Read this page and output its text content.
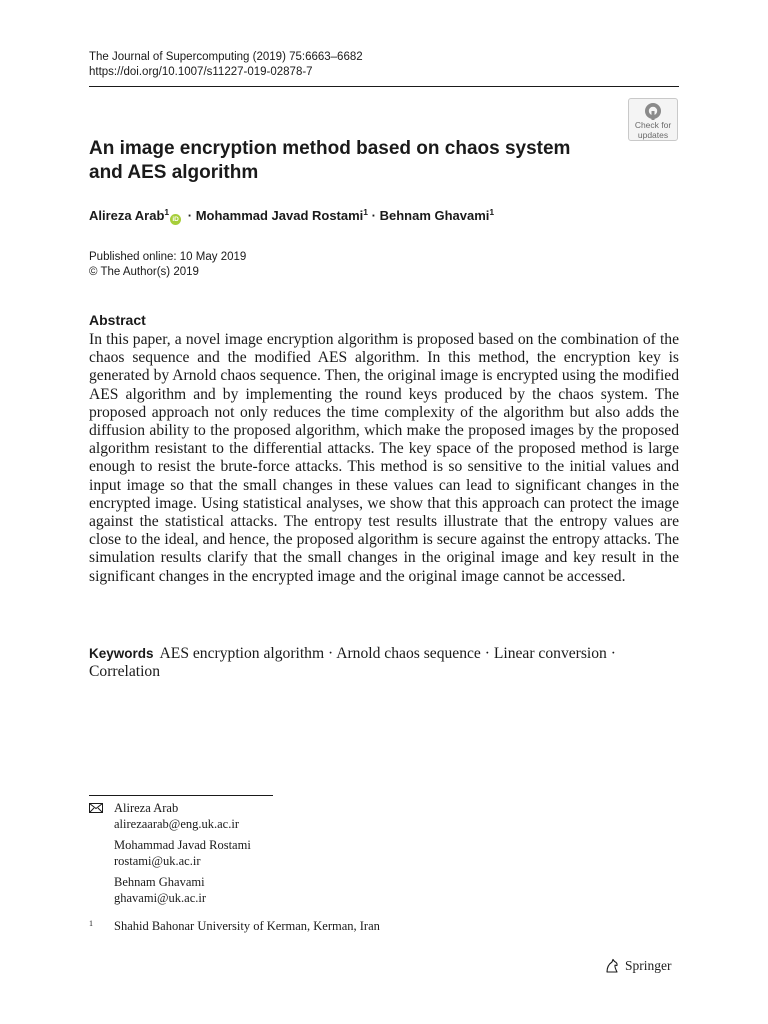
The Journal of Supercomputing (2019) 75:6663–6682
https://doi.org/10.1007/s11227-019-02878-7
Check for
updates
An image encryption method based on chaos system
and AES algorithm
Alireza Arab$^1$iD · Mohammad Javad Rostami$^1$ · Behnam Ghavami$^1$
Published online: 10 May 2019
© The Author(s) 2019
Abstract

In this paper, a novel image encryption algorithm is proposed based on the combination of the chaos sequence and the modified AES algorithm. In this method, the encryption key is generated by Arnold chaos sequence. Then, the original image is encrypted using the modified AES algorithm and by implementing the round keys produced by the chaos system. The proposed approach not only reduces the time complexity of the algorithm but also adds the diffusion ability to the proposed algorithm, which make the proposed images by the proposed algorithm resistant to the differential attacks. The key space of the proposed method is large enough to resist the brute-force attacks. This method is so sensitive to the initial values and input image so that the small changes in these values can lead to significant changes in the encrypted image. Using statistical analyses, we show that this approach can protect the image against the statistical attacks. The entropy test results illustrate that the entropy values are close to the ideal, and hence, the proposed algorithm is secure against the entropy attacks. The simulation results clarify that the small changes in the original image and key result in the significant changes in the encrypted image and the original image cannot be accessed.

Keywords AES encryption algorithm · Arnold chaos sequence · Linear conversion · Correlation
Alireza Arab
alirezaarab@eng.uk.ac.ir
Mohammad Javad Rostami
rostami@uk.ac.ir
Behnam Ghavami
ghavami@uk.ac.ir
1 Shahid Bahonar University of Kerman, Kerman, Iran
Springer
